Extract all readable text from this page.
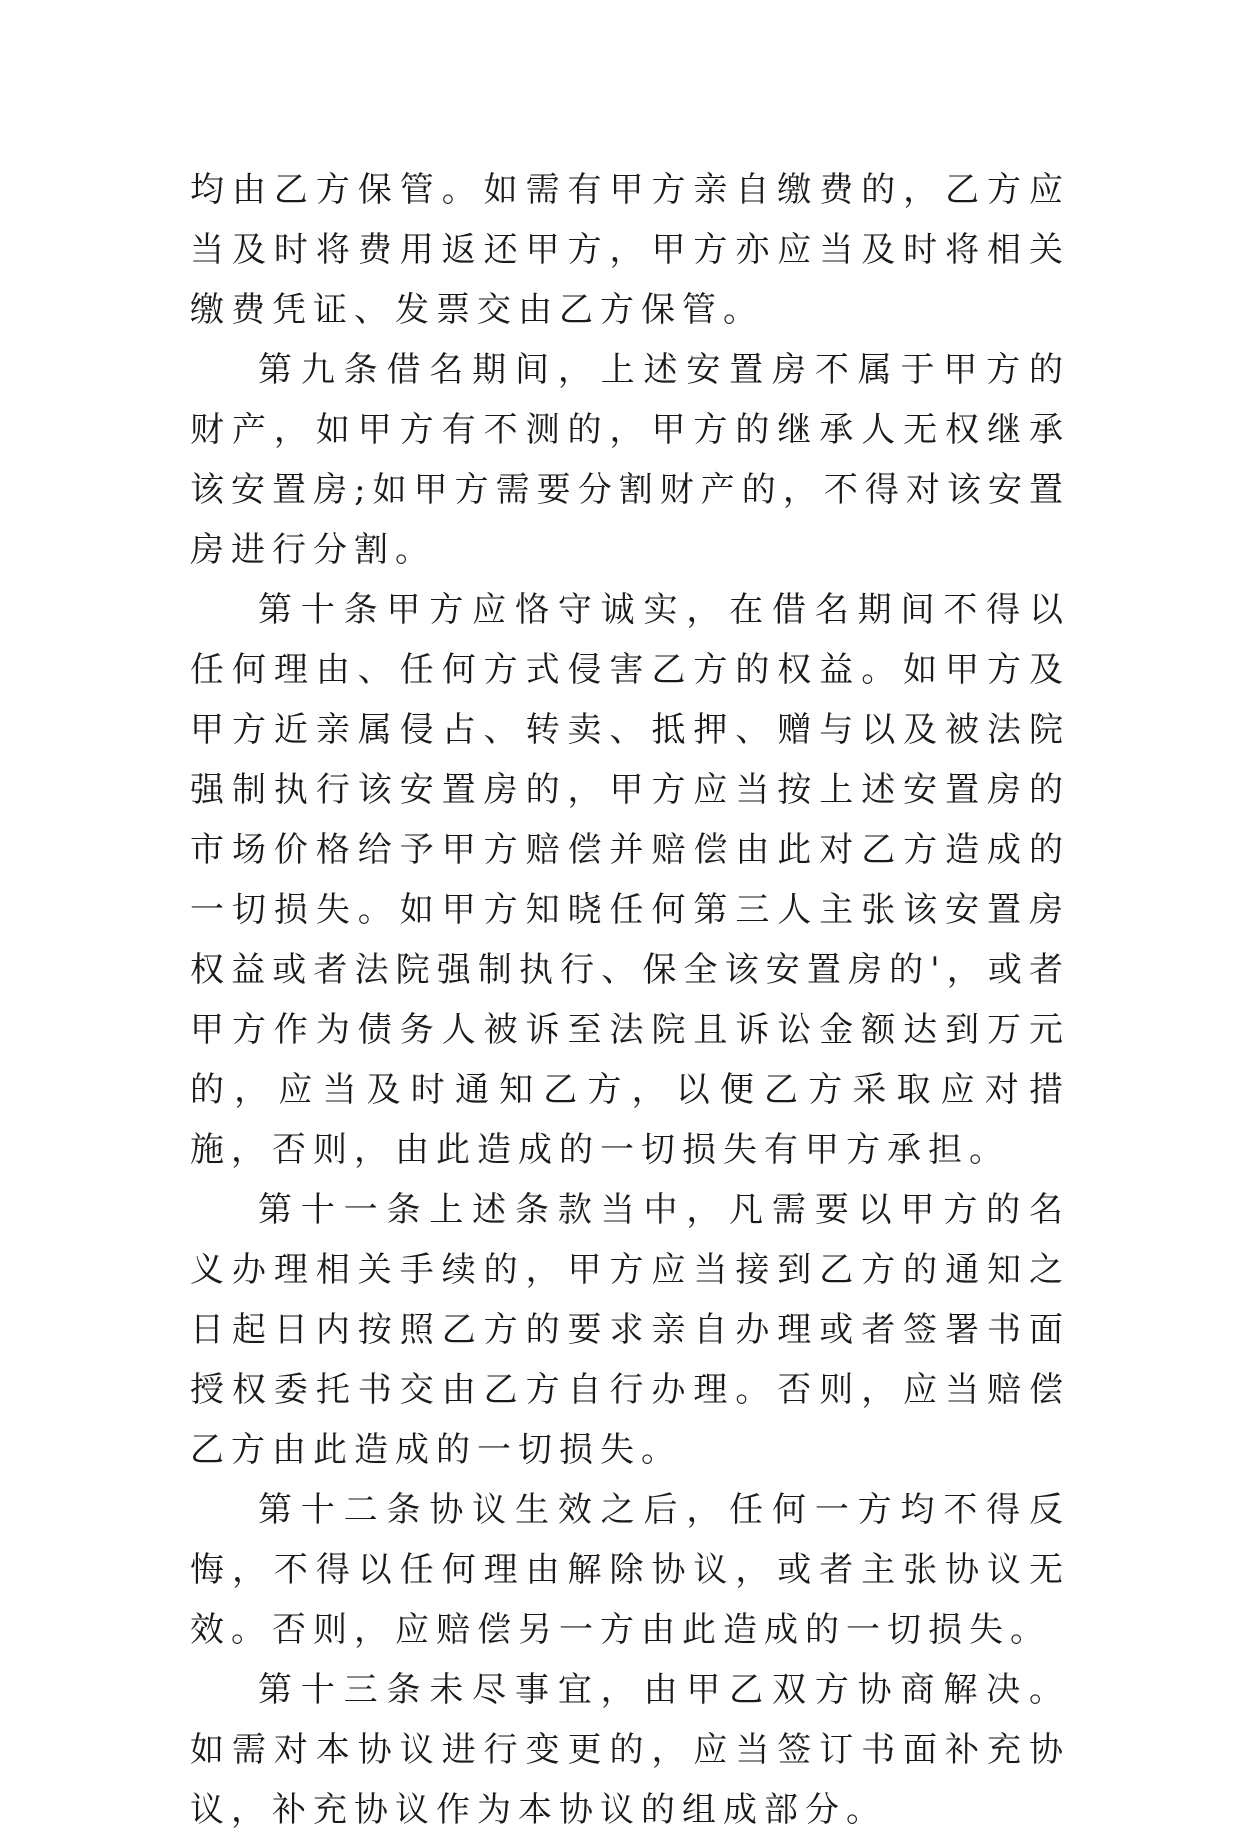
均由乙方保管。如需有甲方亲自缴费的，乙方应当及时将费用返还甲方，甲方亦应当及时将相关缴费凭证、发票交由乙方保管。

第九条借名期间，上述安置房不属于甲方的财产，如甲方有不测的，甲方的继承人无权继承该安置房;如甲方需要分割财产的，不得对该安置房进行分割。

第十条甲方应恪守诚实，在借名期间不得以任何理由、任何方式侵害乙方的权益。如甲方及甲方近亲属侵占、转卖、抵押、赠与以及被法院强制执行该安置房的，甲方应当按上述安置房的市场价格给予甲方赔偿并赔偿由此对乙方造成的一切损失。如甲方知晓任何第三人主张该安置房权益或者法院强制执行、保全该安置房的'，或者甲方作为债务人被诉至法院且诉讼金额达到万元的，应当及时通知乙方，以便乙方采取应对措施，否则，由此造成的一切损失有甲方承担。

第十一条上述条款当中，凡需要以甲方的名义办理相关手续的，甲方应当接到乙方的通知之日起日内按照乙方的要求亲自办理或者签署书面授权委托书交由乙方自行办理。否则，应当赔偿乙方由此造成的一切损失。

第十二条协议生效之后，任何一方均不得反悔，不得以任何理由解除协议，或者主张协议无效。否则，应赔偿另一方由此造成的一切损失。

第十三条未尽事宜，由甲乙双方协商解决。如需对本协议进行变更的，应当签订书面补充协议，补充协议作为本协议的组成部分。
